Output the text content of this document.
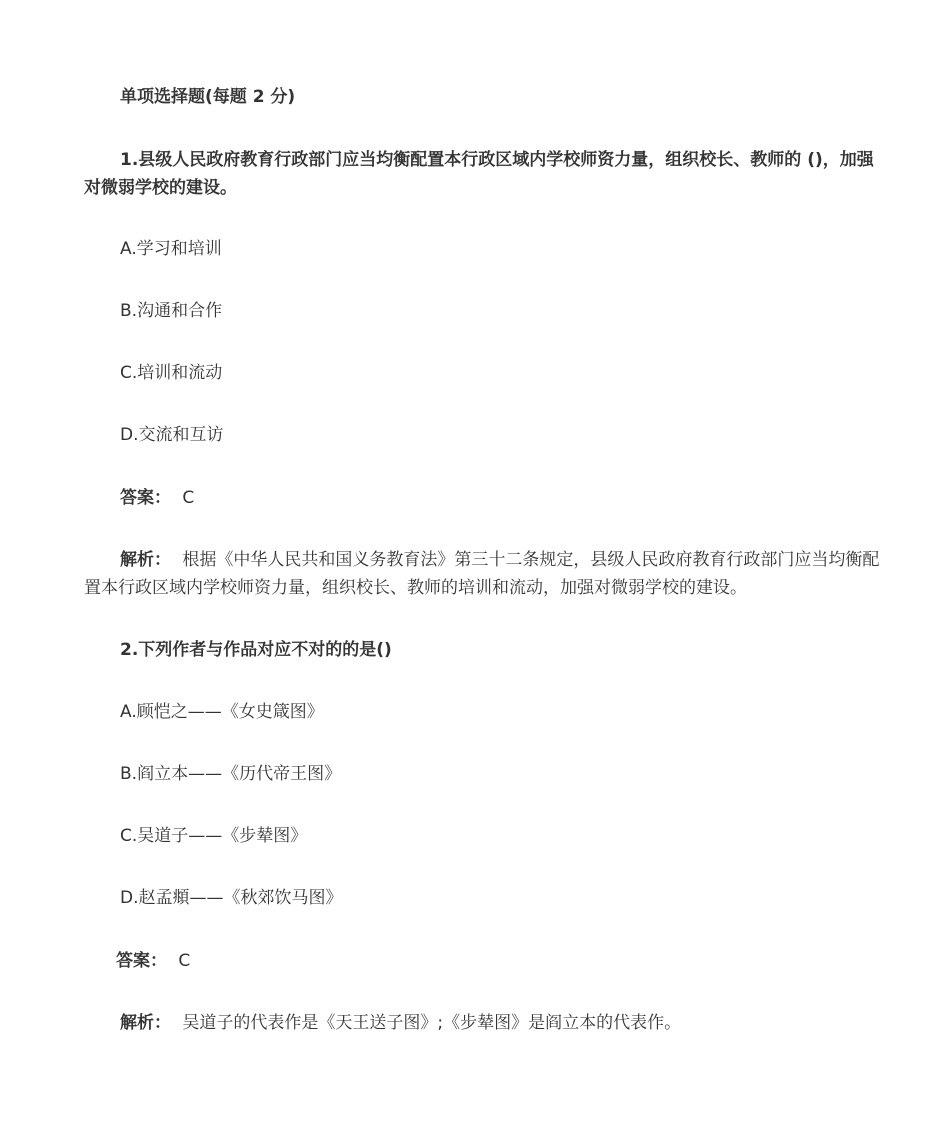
单项选择题(每题 2 分)
1.县级人民政府教育行政部门应当均衡配置本行政区域内学校师资力量，组织校长、教师的 ()，加强对微弱学校的建设。
A.学习和培训
B.沟通和合作
C.培训和流动
D.交流和互访
答案： C
解析： 根据《中华人民共和国义务教育法》第三十二条规定，县级人民政府教育行政部门应当均衡配置本行政区域内学校师资力量，组织校长、教师的培训和流动，加强对微弱学校的建设。
2.下列作者与作品对应不对的的是()
A.顾恺之——《女史箴图》
B.阎立本——《历代帝王图》
C.吴道子——《步辇图》
D.赵孟頫——《秋郊饮马图》
答案： C
解析： 吴道子的代表作是《天王送子图》;《步辇图》是阎立本的代表作。
